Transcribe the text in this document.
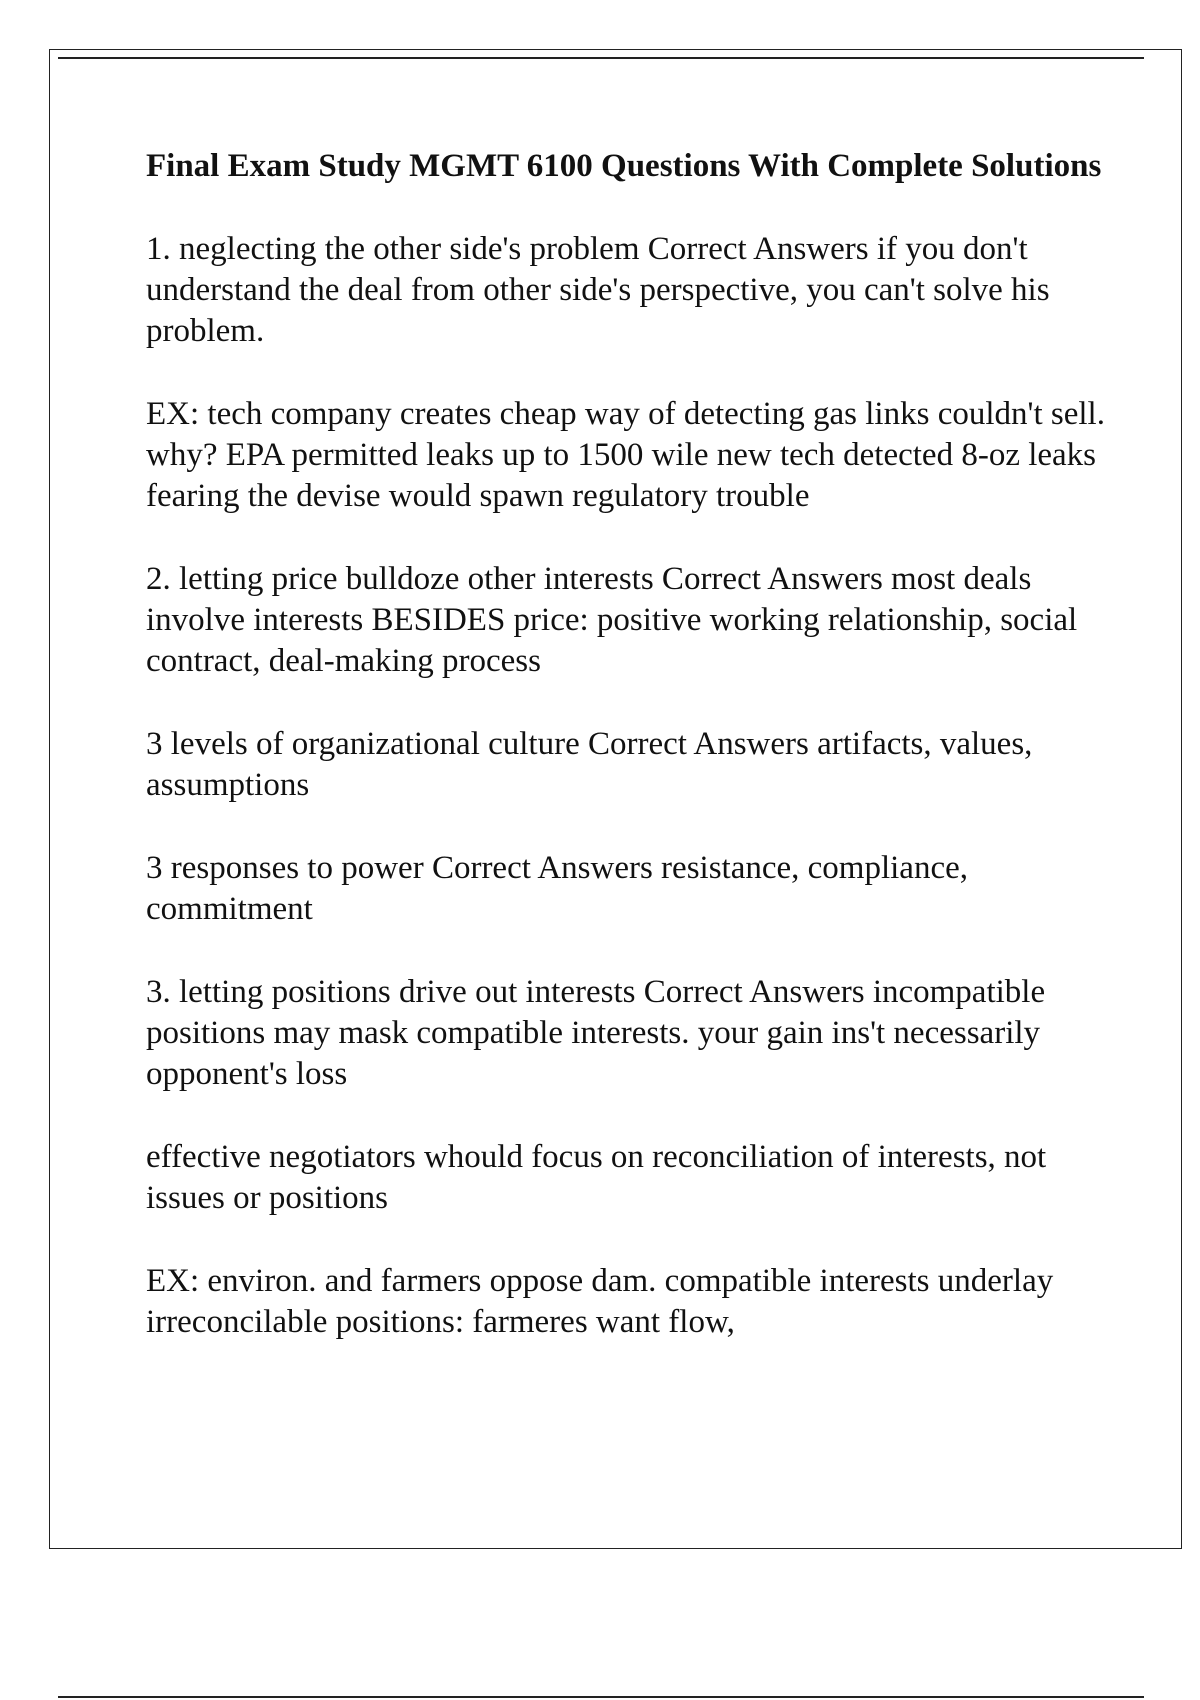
Final Exam Study MGMT 6100 Questions With Complete Solutions

1. neglecting the other side's problem Correct Answers if you don't understand the deal from other side's perspective, you can't solve his problem.

EX: tech company creates cheap way of detecting gas links couldn't sell. why? EPA permitted leaks up to 1500 wile new tech detected 8-oz leaks fearing the devise would spawn regulatory trouble

2. letting price bulldoze other interests Correct Answers most deals involve interests BESIDES price: positive working relationship, social contract, deal-making process

3 levels of organizational culture Correct Answers artifacts, values, assumptions

3 responses to power Correct Answers resistance, compliance, commitment

3. letting positions drive out interests Correct Answers incompatible positions may mask compatible interests. your gain ins't necessarily opponent's loss

effective negotiators whould focus on reconciliation of interests, not issues or positions

EX: environ. and farmers oppose dam. compatible interests underlay irreconcilable positions: farmeres want flow,
